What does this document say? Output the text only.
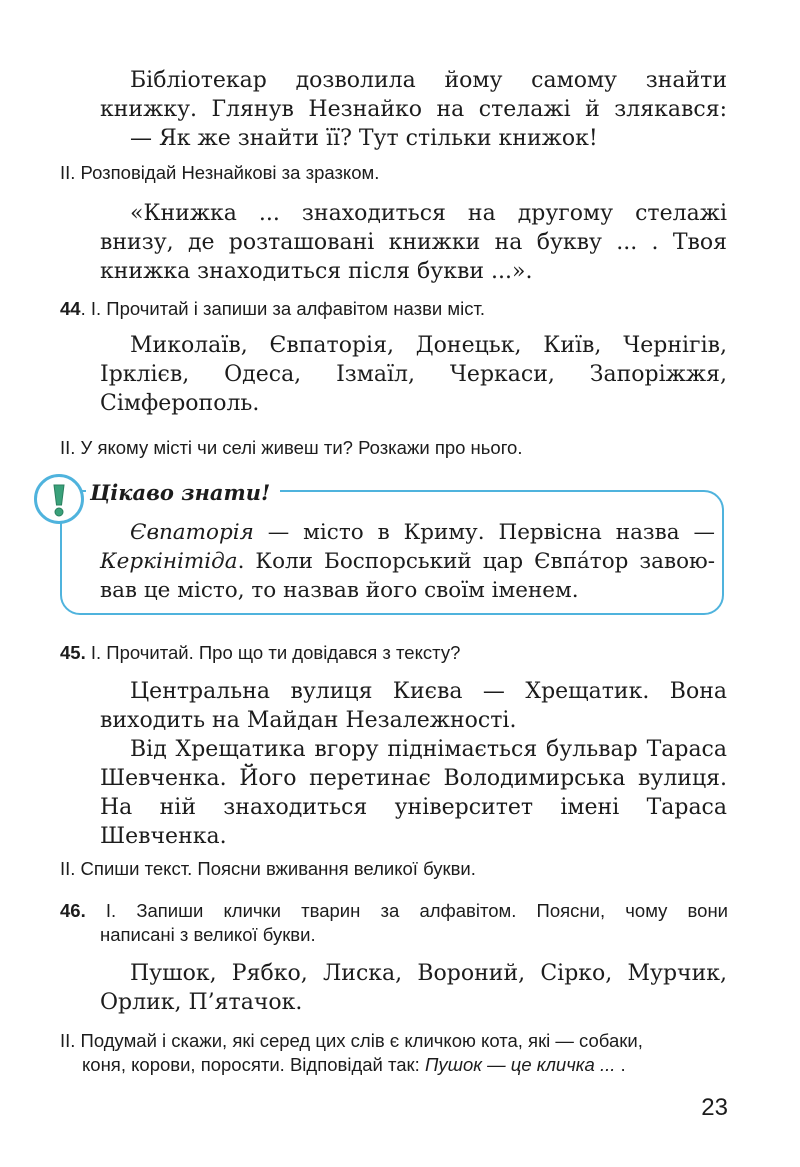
Бібліотекар дозволила йому самому знайти
книжку. Глянув Незнайко на стелажі й злякався:
— Як же знайти її? Тут стільки книжок!
II. Розповідай Незнайкові за зразком.

«Книжка ... знаходиться на другому стелажі внизу, де розташовані книжки на букву ... . Твоя книжка знаходиться після букви ...».

44. І. Прочитай і запиши за алфавітом назви міст.

Миколаїв, Євпаторія, Донецьк, Київ, Чернігів, Ірклієв, Одеса, Ізмаїл, Черкаси, Запоріжжя, Сімферополь.

II. У якому місті чи селі живеш ти? Розкажи про нього.
Цікаво знати!
Євпаторія — місто в Криму. Первісна назва —
Керкінітіда. Коли Боспорський цар Євпа́тор завою-
вав це місто, то назвав його своїм іменем.
45. І. Прочитай. Про що ти довідався з тексту?

Центральна вулиця Києва — Хрещатик. Вона виходить на Майдан Незалежності.

Від Хрещатика вгору піднімається бульвар Тараса Шевченка. Його перетинає Володимирська вулиця. На ній знаходиться університет імені Тараса Шевченка.

II. Спиши текст. Поясни вживання великої букви.
46. І. Запиши клички тварин за алфавітом. Поясни, чому вони
написані з великої букви.

Пушок, Рябко, Лиска, Вороний, Сірко, Мурчик, Орлик, П’ятачок.

II. Подумай і скажи, які серед цих слів є кличкою кота, які — собаки,
коня, корови, поросяти. Відповідай так: Пушок — це кличка ... .
23
